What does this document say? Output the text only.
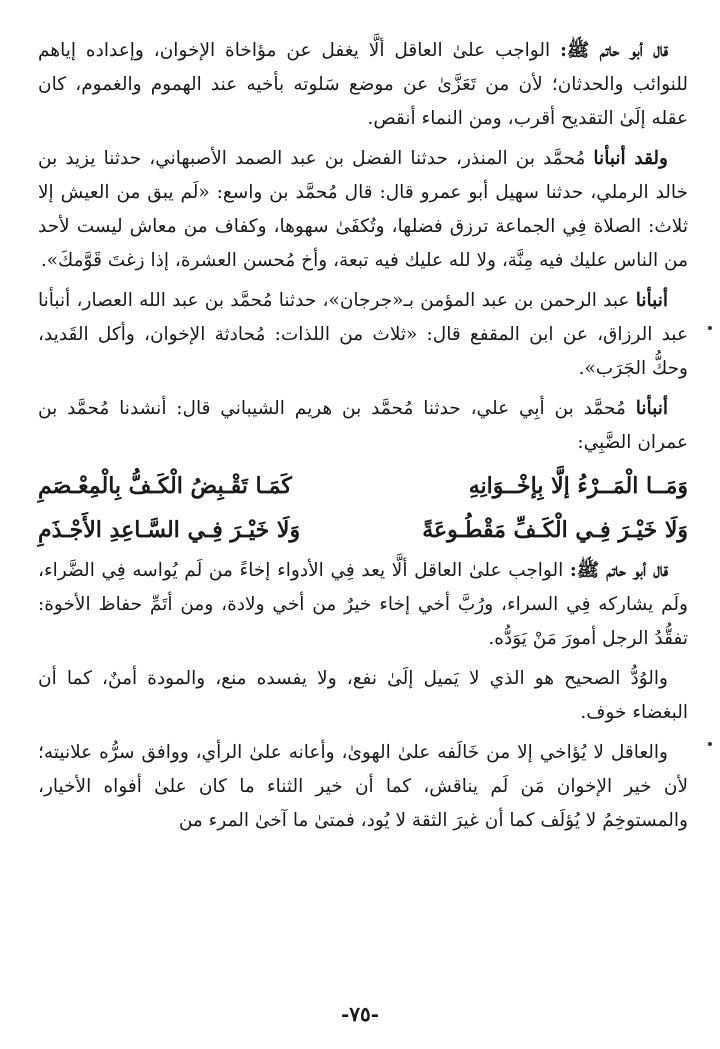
قال أبو حاتم ﷺ: الواجب علىٰ العاقل ألَّا يغفل عن مؤاخاة الإخوان، وإعداده إياهم للنوائب والحدثان؛ لأن من تَعَزَّىٰ عن موضع سَلوته بأخيه عند الهموم والغموم، كان عقله إلَىٰ التقديح أقرب، ومن النماء أنقص.

ولقد أنبأنا مُحمَّد بن المنذر، حدثنا الفضل بن عبد الصمد الأصبهاني، حدثنا يزيد بن خالد الرملي، حدثنا سهيل أبو عمرو قال: قال مُحمَّد بن واسع: «لَم يبق من العيش إلا ثلاث: الصلاة فِي الجماعة ترزق فضلها، وتُكفَىٰ سهوها، وكفاف من معاش ليست لأحد من الناس عليك فيه مِنَّة، ولا لله عليك فيه تبعة، وأخ مُحسن العشرة، إذا زغتَ قَوَّمكَ».

أنبأنا عبد الرحمن بن عبد المؤمن بـ«جرجان»، حدثنا مُحمَّد بن عبد الله العصار، أنبأنا عبد الرزاق، عن ابن المقفع قال: «ثلاث من اللذات: مُحادثة الإخوان، وأكل القَديد، وحكُّ الجَرَب».

أنبأنا مُحمَّد بن أبِي علي، حدثنا مُحمَّد بن هريم الشيباني قال: أنشدنا مُحمَّد بن عمران الضَّبِي:

وَمَــا الْمَــرْءُ إلَّا بِإخْــوَانِهِ
كَمَـا تَقْـبِضُ الْكَـفُّ بِالْمِعْـصَمِ
وَلَا خَيْـرَ فِـي الْكَـفِّ مَقْطُـوعَةً
وَلَا خَيْـرَ فِـي السَّـاعِدِ الأَجْـذَمِ

قال أبو حاتم ﷺ: الواجب علىٰ العاقل ألَّا يعد فِي الأدواء إخاءً من لَم يُواسه فِي الضَّراء، ولَم يشاركه فِي السراء، ورُبَّ أخي إخاء خيرٌ من أخي ولادة، ومن أتَمِّ حفاظ الأخوة: تفقُّدُ الرجل أمورَ مَنْ يَوَدُّه.

والوُدُّ الصحيح هو الذي لا يَميل إلَىٰ نفع، ولا يفسده منع، والمودة أمنٌ، كما أن البغضاء خوف.

والعاقل لا يُؤاخي إلا من خَالَفه علىٰ الهوىٰ، وأعانه علىٰ الرأي، ووافق سرُّه علانيته؛ لأن خير الإخوان مَن لَم يناقش، كما أن خير الثناء ما كان علىٰ أفواه الأخيار، والمستوخِمُ لا يُؤلَف كما أن غيرَ الثقة لا يُود، فمتىٰ ما آخىٰ المرء من

-٧٥-
